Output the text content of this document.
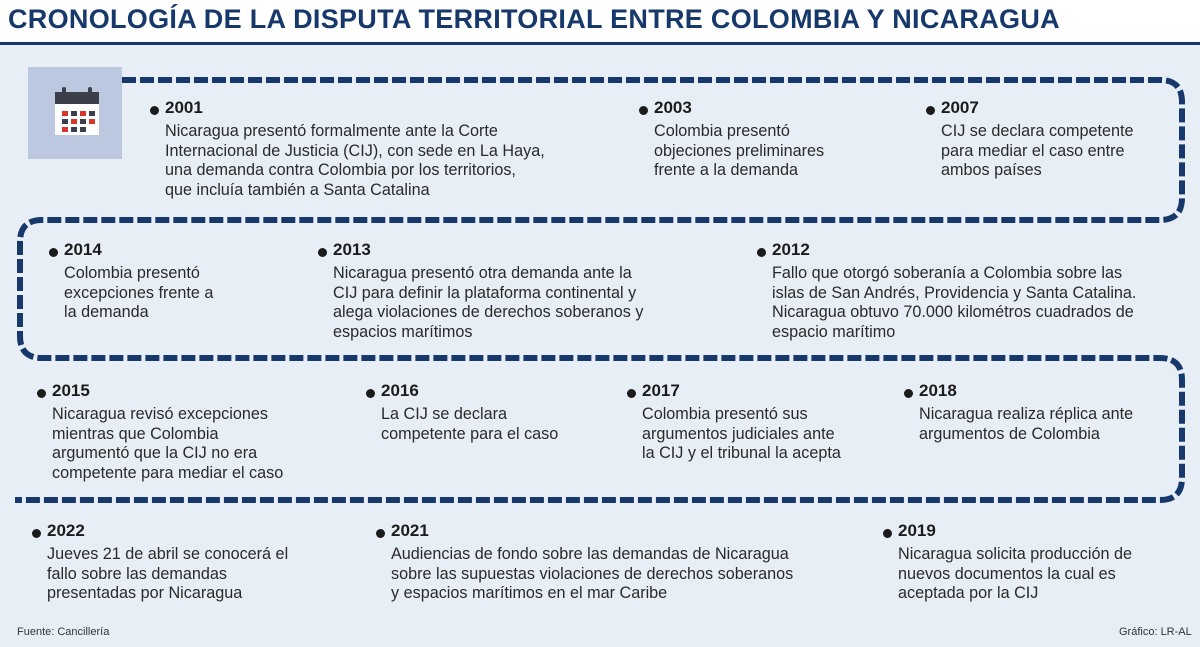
CRONOLOGÍA DE LA DISPUTA TERRITORIAL ENTRE COLOMBIA Y NICARAGUA
2001
Nicaragua presentó formalmente ante la Corte
Internacional de Justicia (CIJ), con sede en La Haya,
una demanda contra Colombia por los territorios,
que incluía también a Santa Catalina
2003
Colombia presentó
objeciones preliminares
frente a la demanda
2007
CIJ se declara competente
para mediar el caso entre
ambos países
2014
Colombia presentó
excepciones frente a
la demanda
2013
Nicaragua presentó otra demanda ante la
CIJ para definir la plataforma continental y
alega violaciones de derechos soberanos y
espacios marítimos
2012
Fallo que otorgó soberanía a Colombia sobre las
islas de San Andrés, Providencia y Santa Catalina.
Nicaragua obtuvo 70.000 kilométros cuadrados de
espacio marítimo
2015
Nicaragua revisó excepciones
mientras que Colombia
argumentó que la CIJ no era
competente para mediar el caso
2016
La CIJ se declara
competente para el caso
2017
Colombia presentó sus
argumentos judiciales ante
la CIJ y el tribunal la acepta
2018
Nicaragua realiza réplica ante
argumentos de Colombia
2022
Jueves 21 de abril se conocerá el
fallo sobre las demandas
presentadas por Nicaragua
2021
Audiencias de fondo sobre las demandas de Nicaragua
sobre las supuestas violaciones de derechos soberanos
y espacios marítimos en el mar Caribe
2019
Nicaragua solicita producción de
nuevos documentos la cual es
aceptada por la CIJ
Fuente: Cancillería	Gráfico: LR-AL
